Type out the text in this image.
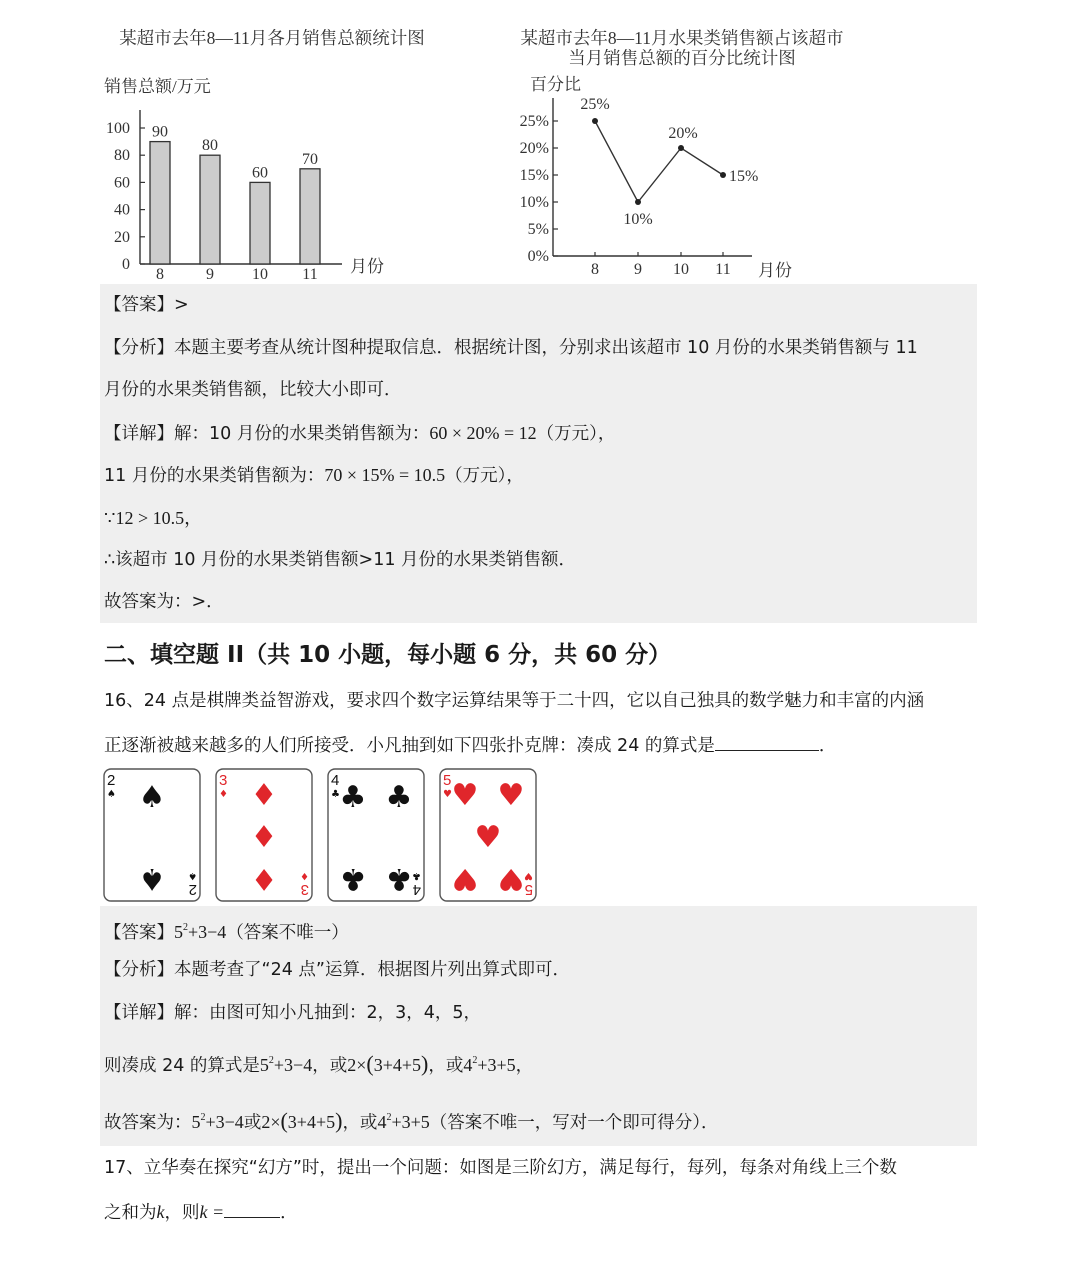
某超市去年8—11月各月销售总额统计图
销售总额/万元
月份
0
20
40
60
80
100 90
8
80
9
60
10
70
11
某超市去年8—11月水果类销售额占该超市
当月销售总额的百分比统计图
百分比
月份
0%
5%
10%
15%
20%
25%
25%
8
10%
9
20%
10
15%
11
【答案】>
【分析】本题主要考查从统计图种提取信息．根据统计图，分别求出该超市 10 月份的水果类销售额与 11
月份的水果类销售额，比较大小即可．
【详解】解：10 月份的水果类销售额为：60 × 20% = 12（万元），
11 月份的水果类销售额为：70 × 15% = 10.5（万元），
∵12 > 10.5，
∴该超市 10 月份的水果类销售额>11 月份的水果类销售额．
故答案为：>．
二、填空题 II（共 10 小题，每小题 6 分，共 60 分）
16、24 点是棋牌类益智游戏，要求四个数字运算结果等于二十四，它以自己独具的数学魅力和丰富的内涵
正逐渐被越来越多的人们所接受．小凡抽到如下四张扑克牌：凑成 24 的算式是	．
2
♠
2
♠
♠
♠
3
♦
3
♦
♦
♦
♦
4
♣
4
♣
♣ ♣
♣ ♣
5
♥
5
♥
♥ ♥
♥
♥ ♥
【答案】$5^2+3-4$（答案不唯一）
【分析】本题考查了“24 点”运算．根据图片列出算式即可．
【详解】解：由图可知小凡抽到：2，3，4，5，
则凑成 24 的算式是$5^2+3-4$，或2×(3+4+5)，或$4^2+3+5$，
故答案为：$5^2+3-4$或2×(3+4+5)，或$4^2+3+5$（答案不唯一，写对一个即可得分）．
17、立华奏在探究“幻方”时，提出一个问题：如图是三阶幻方，满足每行，每列，每条对角线上三个数
之和为k，则k =	．
